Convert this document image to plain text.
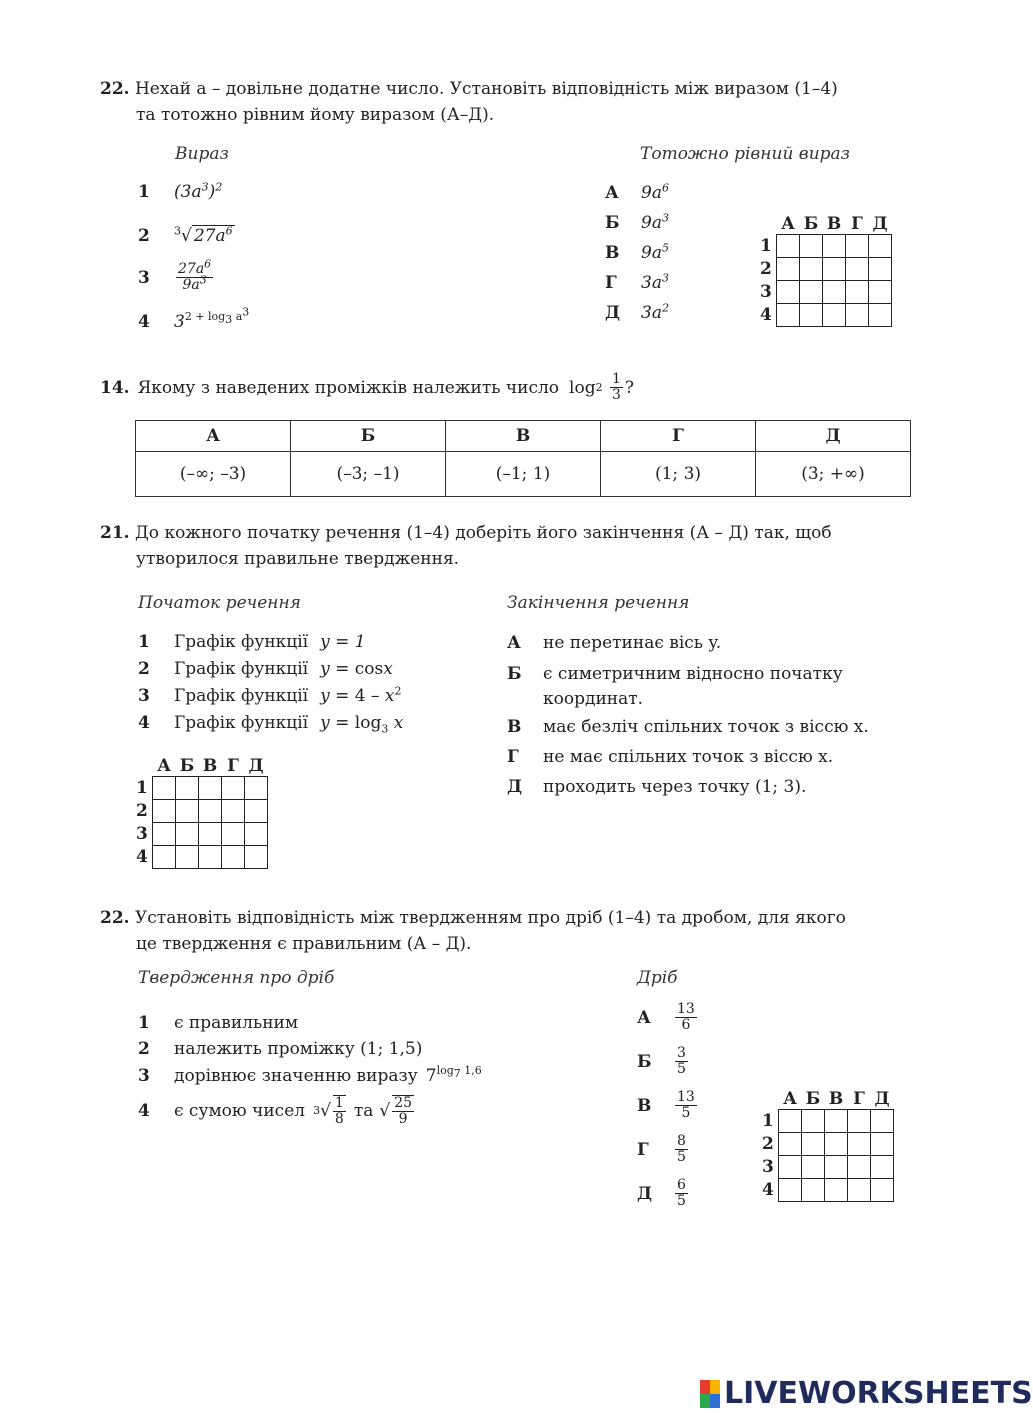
22. Нехай a – довільне додатне число. Установіть відповідність між виразом (1–4)
та тотожно рівним йому виразом (А–Д).
Вираз	Тотожно рівний вираз
1	$(3a^3)^2$
2	$^3$√ $27a^6$
3	$\frac{27a^6}{9a^3}$
4	$3^{2 + log_3 a^3}$
А	$9a^6$
Б	$9a^3$
В	$9a^5$
Г	$3a^3$
Д	$3a^2$
	А	Б	В	Г	Д
1					
2					
3					
4					
14. Якому з наведених проміжків належить число log 2
$\frac{1}{3}$ ?
А	Б	В	Г	Д
(–∞; –3)	(–3; –1)	(–1; 1)	(1; 3)	(3; +∞)
21. До кожного початку речення (1–4) доберіть його закінчення (А – Д) так, щоб
утворилося правильне твердження.
Початок речення	Закінчення речення
1	Графік функції y = 1
2	Графік функції y = cosx
3	Графік функції $y = 4 - x^2$
4	Графік функції $y = \log_3 x$
А	не перетинає вісь y.
Б є симетричним відносно початку
координат.
В	має безліч спільних точок з віссю x.
Г	не має спільних точок з віссю x.
Д	проходить через точку (1; 3).
	А	Б	В	Г	Д
1					
2					
3					
4					
22. Установіть відповідність між твердженням про дріб (1–4) та дробом, для якого
це твердження є правильним (А – Д).
Твердження про дріб	Дріб
1	є правильним
2	належить проміжку (1; 1,5)
3	дорівнює значенню виразу $7^{log_7 1,6}$
4	є сумою чисел 3 √ $\frac{1}{8}$ та √ $\frac{25}{9}$
А	$\frac{13}{6}$
Б	$\frac{3}{5}$
В	$\frac{13}{5}$
Г	$\frac{8}{5}$
Д	$\frac{6}{5}$
	А	Б	В	Г	Д
1					
2					
3					
4					
LIVEWORKSHEETS
